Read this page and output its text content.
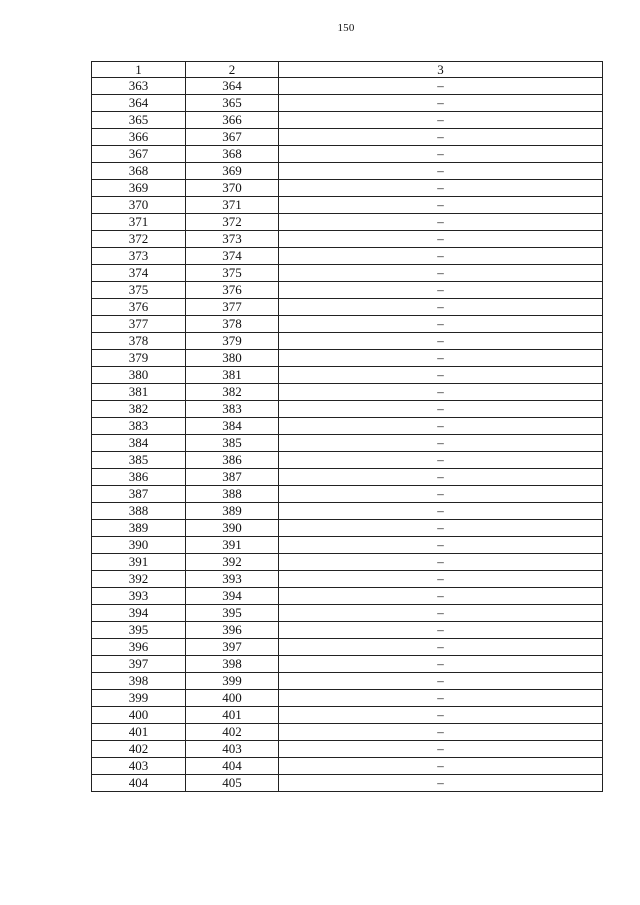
150
1	2	3
363	364	–
364	365	–
365	366	–
366	367	–
367	368	–
368	369	–
369	370	–
370	371	–
371	372	–
372	373	–
373	374	–
374	375	–
375	376	–
376	377	–
377	378	–
378	379	–
379	380	–
380	381	–
381	382	–
382	383	–
383	384	–
384	385	–
385	386	–
386	387	–
387	388	–
388	389	–
389	390	–
390	391	–
391	392	–
392	393	–
393	394	–
394	395	–
395	396	–
396	397	–
397	398	–
398	399	–
399	400	–
400	401	–
401	402	–
402	403	–
403	404	–
404	405	–
